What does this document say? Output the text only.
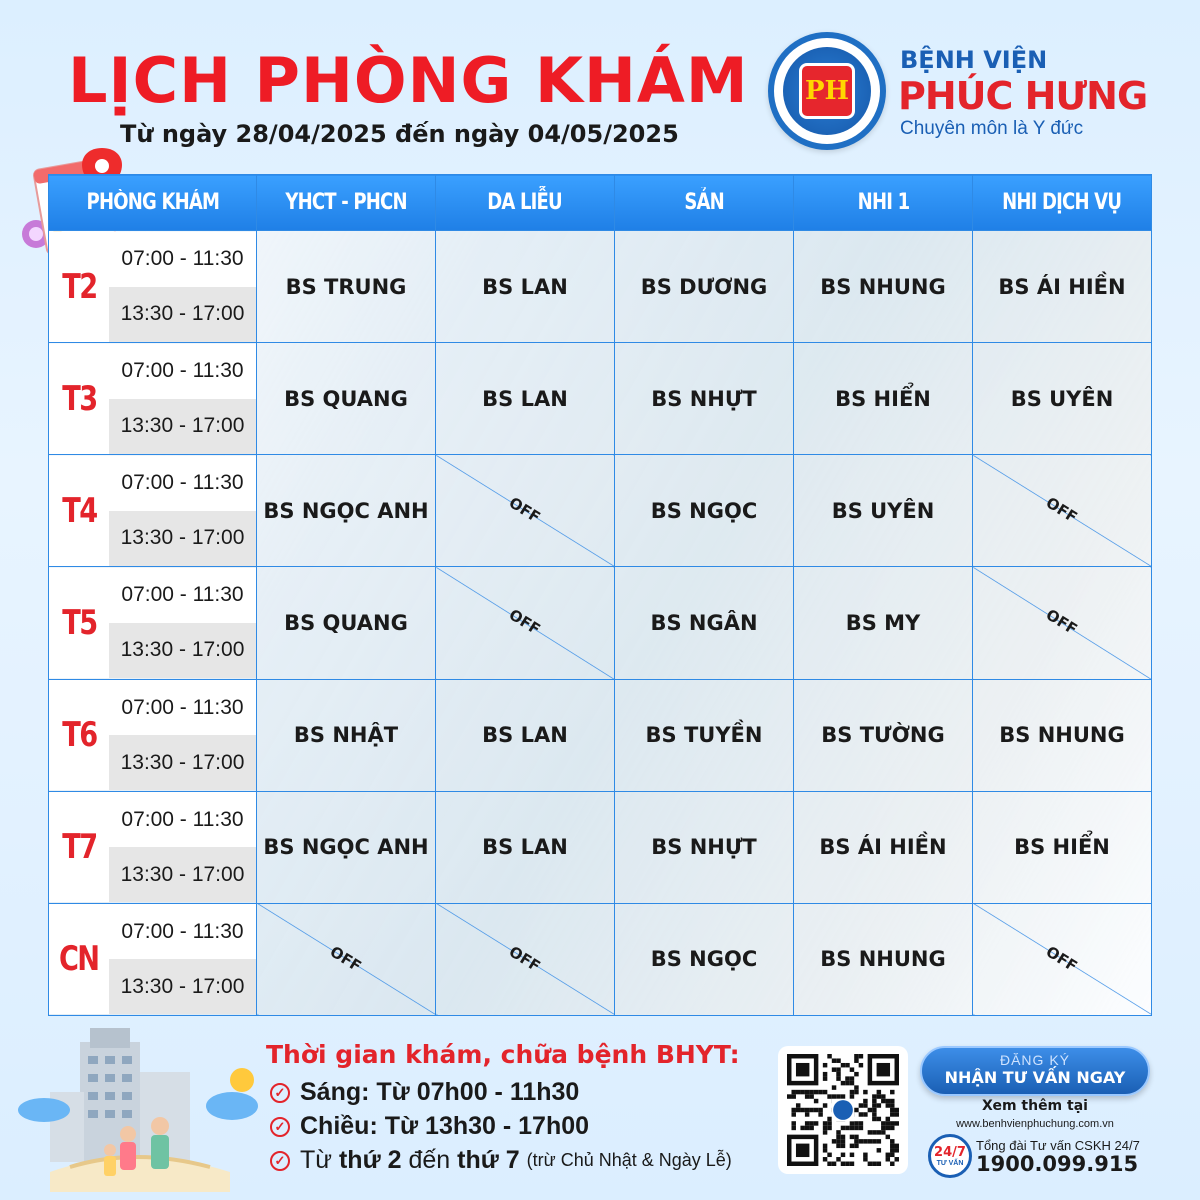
LỊCH PHÒNG KHÁM
Từ ngày 28/04/2025 đến ngày 04/05/2025
PH
BỆNH VIỆN
PHÚC HƯNG
Chuyên môn là Y đức
PHÒNG KHÁM	YHCT - PHCN	DA LIỄU	SẢN	NHI 1	NHI DỊCH VỤ

T2
07:00 - 11:30
13:30 - 17:00	BS TRUNG	BS LAN	BS DƯƠNG	BS NHUNG	BS ÁI HIỀN

T3
07:00 - 11:30
13:30 - 17:00	BS QUANG	BS LAN	BS NHỰT	BS HIỂN	BS UYÊN

T4
07:00 - 11:30
13:30 - 17:00	BS NGỌC ANH	OFF	BS NGỌC	BS UYÊN	OFF

T5
07:00 - 11:30
13:30 - 17:00	BS QUANG	OFF	BS NGÂN	BS MY	OFF

T6
07:00 - 11:30
13:30 - 17:00	BS NHẬT	BS LAN	BS TUYỀN	BS TƯỜNG	BS NHUNG

T7
07:00 - 11:30
13:30 - 17:00	BS NGỌC ANH	BS LAN	BS NHỰT	BS ÁI HIỀN	BS HIỂN

CN
07:00 - 11:30
13:30 - 17:00	OFF	OFF	BS NGỌC	BS NHUNG	OFF
Thời gian khám, chữa bệnh BHYT:
✓ Sáng:
Từ 07h00 - 11h30
✓ Chiều:
Từ 13h30 - 17h00
✓ Từ
thứ 2
đến
thứ 7
(trừ Chủ Nhật & Ngày Lễ)
ĐĂNG KÝ
NHẬN TƯ VẤN NGAY
Xem thêm tại
www.benhvienphuchung.com.vn
24/7
TƯ VẤN
Tổng đài Tư vấn CSKH 24/7
1900.099.915
